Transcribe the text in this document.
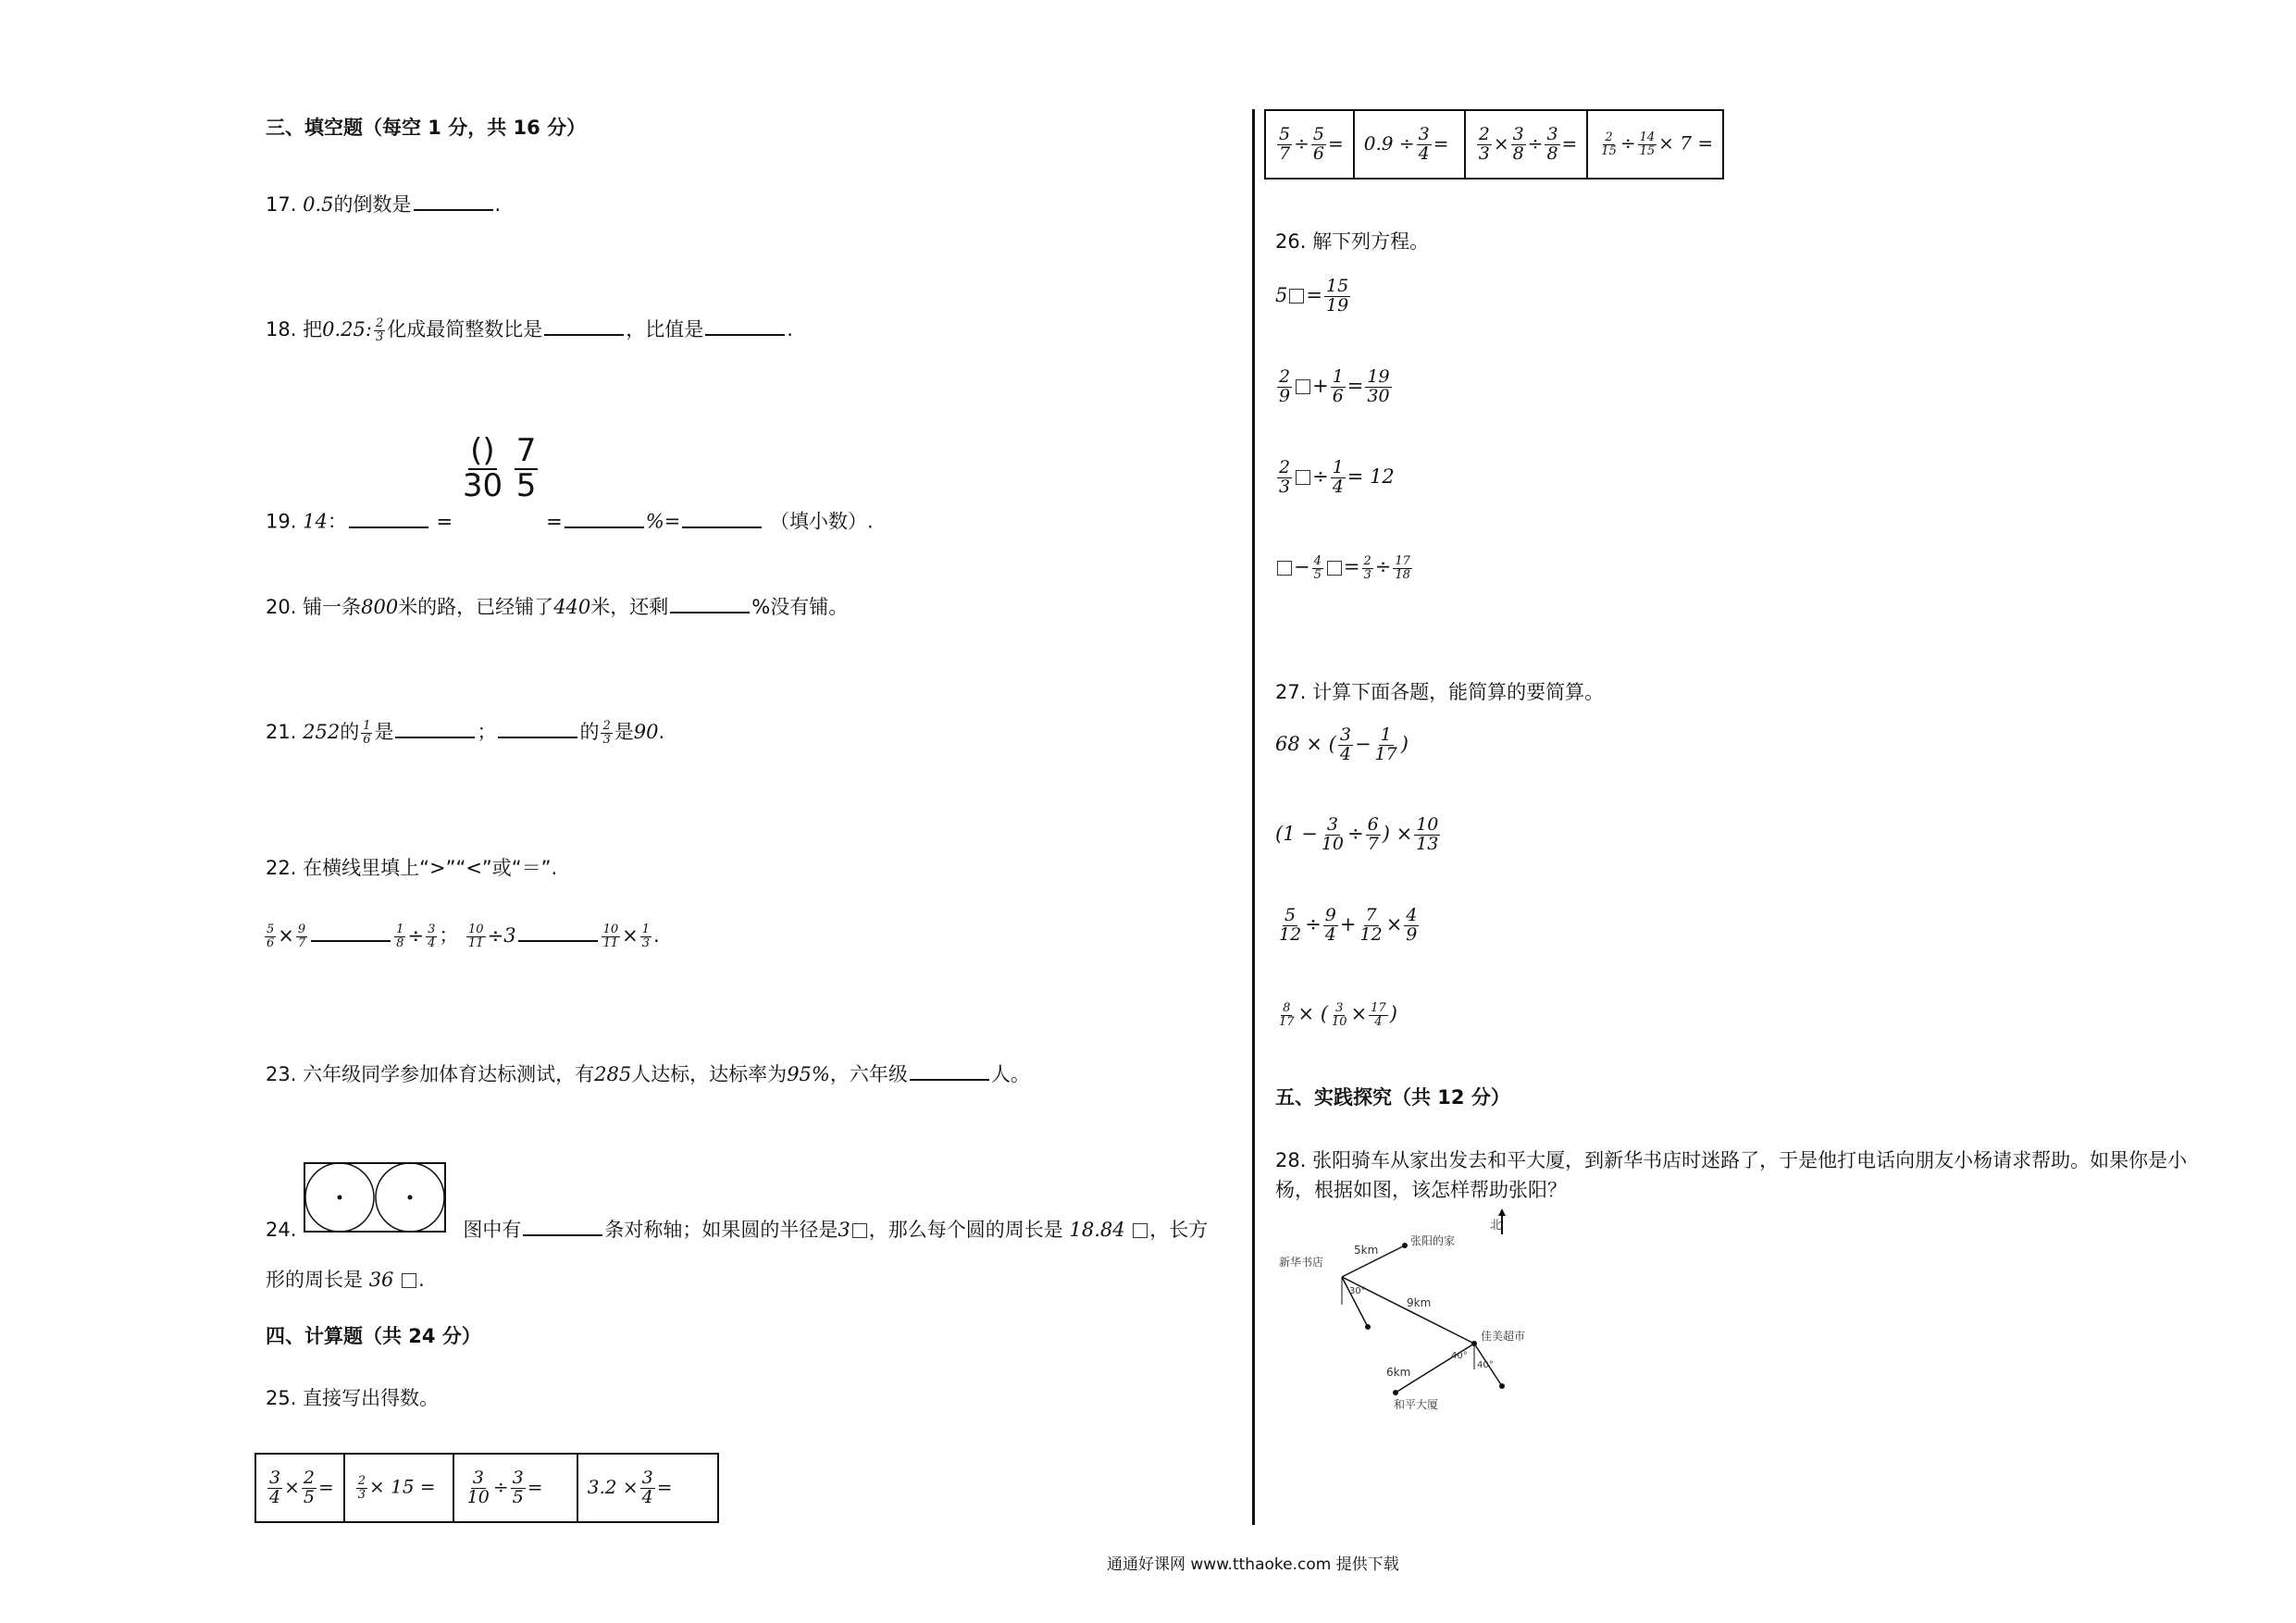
三、填空题（每空 1 分，共 16 分）
17. 0.5的倒数是	.
18. 把0.25: $\frac{2}{3}$ 化成最简整数比是	，比值是	.
19. 14：	=
$\frac{()}{30}$
$\frac{7}{5}$
=	%=	（填小数）.
20. 铺一条800米的路，已经铺了440米，还剩	%没有铺。
21. 252的 $\frac{1}{6}$ 是	；	的 $\frac{2}{3}$ 是90.
22. 在横线里填上“>”“<”或“＝”.
$\frac{5}{6} \times \frac{9}{7}$	$\frac{1}{8} \div \frac{3}{4}$ ； $\frac{10}{11} \div 3$	$\frac{10}{11} \times \frac{1}{3}$ .
23. 六年级同学参加体育达标测试，有285人达标，达标率为95%，六年级	人。
24.	图中有	条对称轴；如果圆的半径是3 ，那么每个圆的周长是 18.84 ，长方
形的周长是 36 .
四、计算题（共 24 分）
25. 直接写出得数。
$\frac{3}{4} \times \frac{2}{5}$ =	$\frac{2}{3} \times 15$ =	$\frac{3}{10} \div \frac{3}{5}$ =	$3.2 \times \frac{3}{4}$ =
$\frac{5}{7} \div \frac{5}{6}$ =	$0.9 \div \frac{3}{4}$ =	$\frac{2}{3} \times \frac{3}{8} \div \frac{3}{8}$ =	$\frac{2}{15} \div \frac{14}{15} \times 7$ =
26. 解下列方程。
$5 = \frac{15}{19}$
$\frac{2}{9} + \frac{1}{6} = \frac{19}{30}$
$\frac{2}{3} \div \frac{1}{4} = 12$
− $\frac{4}{5} = \frac{2}{3} \div \frac{17}{18}$
27. 计算下面各题，能简算的要简算。
68 × ( $\frac{3}{4} - \frac{1}{17}$ )
($1 - \frac{3}{10} \div \frac{6}{7}$ ) × $\frac{10}{13}$
$\frac{5}{12} \div \frac{9}{4} + \frac{7}{12} \times \frac{4}{9}$
$\frac{8}{17}$ × ( $\frac{3}{10} \times \frac{17}{4}$ )
五、实践探究（共 12 分）
28. 张阳骑车从家出发去和平大厦，到新华书店时迷路了，于是他打电话向朋友小杨请求帮助。如果你是小
杨，根据如图，该怎样帮助张阳？
北
张阳的家
5km
新华书店
30°
9km
佳美超市
40°
40°
6km
和平大厦
通通好课网 www.tthaoke.com 提供下载
